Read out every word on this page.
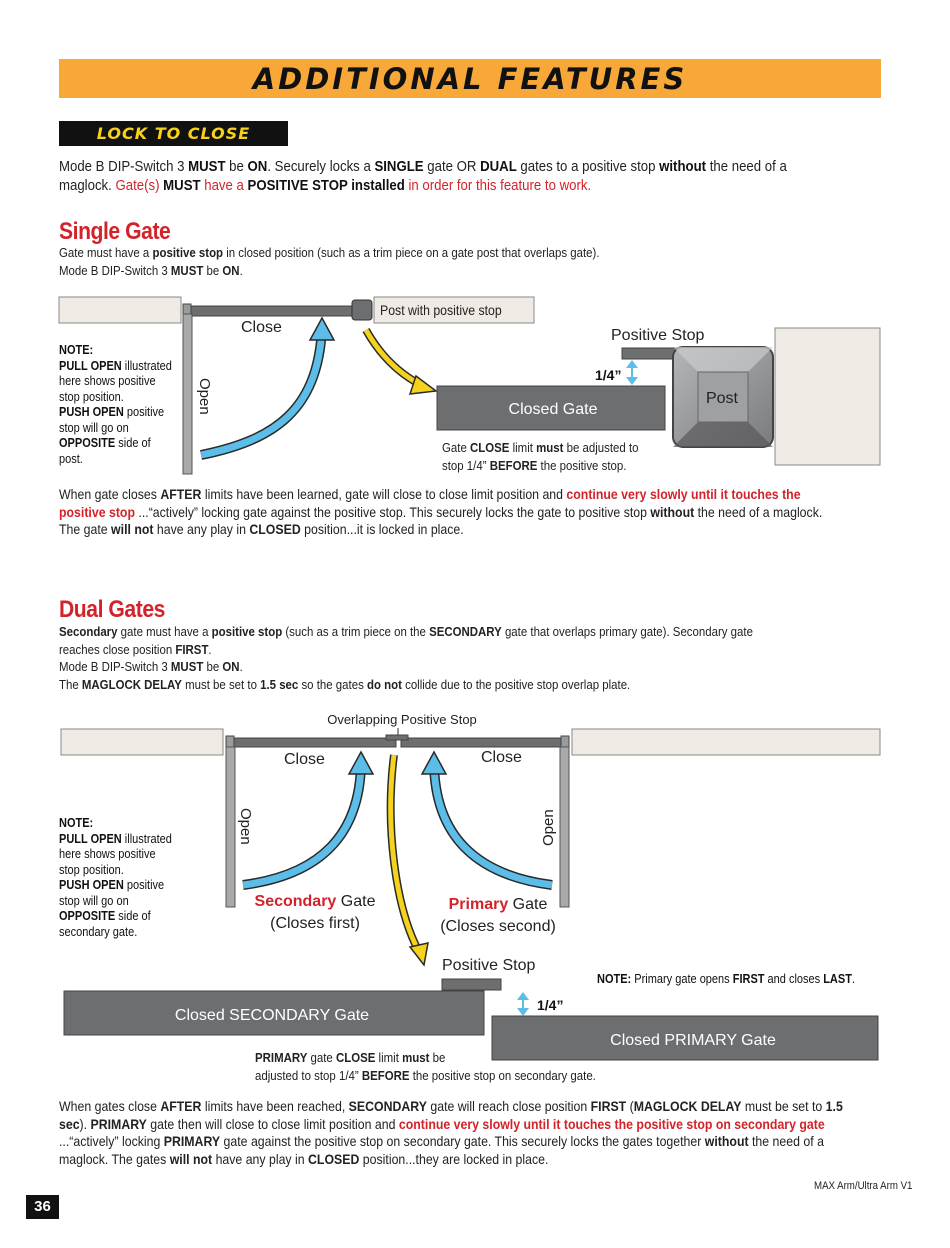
ADDITIONAL FEATURES
LOCK TO CLOSE
Mode B DIP-Switch 3 MUST be ON. Securely locks a SINGLE gate OR DUAL gates to a positive stop without the need of a
maglock. Gate(s) MUST have a POSITIVE STOP installed in order for this feature to work.
Single Gate
Gate must have a positive stop in closed position (such as a trim piece on a gate post that overlaps gate).
Mode B DIP-Switch 3 MUST be ON.
Post with positive stop
Close
Open	Closed Gate
Positive Stop
1/4”
Post
NOTE:
PULL OPEN illustrated
here shows positive
stop position.
PUSH OPEN positive
stop will go on
OPPOSITE side of
post.
Gate CLOSE limit must be adjusted to
stop 1/4” BEFORE the positive stop.
When gate closes AFTER limits have been learned, gate will close to close limit position and continue very slowly until it touches the
positive stop ...“actively” locking gate against the positive stop. This securely locks the gate to positive stop without the need of a maglock.
The gate will not have any play in CLOSED position...it is locked in place.
Dual Gates
Secondary gate must have a positive stop (such as a trim piece on the SECONDARY gate that overlaps primary gate). Secondary gate
reaches close position FIRST.
Mode B DIP-Switch 3 MUST be ON.
The MAGLOCK DELAY must be set to 1.5 sec so the gates do not collide due to the positive stop overlap plate.
Overlapping Positive Stop
Close	Close
Open	Open
Secondary Gate
(Closes first)
Primary Gate
(Closes second)
Positive Stop
Closed SECONDARY Gate
1/4”
Closed PRIMARY Gate
NOTE:
PULL OPEN illustrated
here shows positive
stop position.
PUSH OPEN positive
stop will go on
OPPOSITE side of
secondary gate.
NOTE: Primary gate opens FIRST and closes LAST.
PRIMARY gate CLOSE limit must be
adjusted to stop 1/4” BEFORE the positive stop on secondary gate.
When gates close AFTER limits have been reached, SECONDARY gate will reach close position FIRST (MAGLOCK DELAY must be set to 1.5
sec). PRIMARY gate then will close to close limit position and continue very slowly until it touches the positive stop on secondary gate
...“actively” locking PRIMARY gate against the positive stop on secondary gate. This securely locks the gates together without the need of a
maglock. The gates will not have any play in CLOSED position...they are locked in place.
MAX Arm/Ultra Arm V1
36
